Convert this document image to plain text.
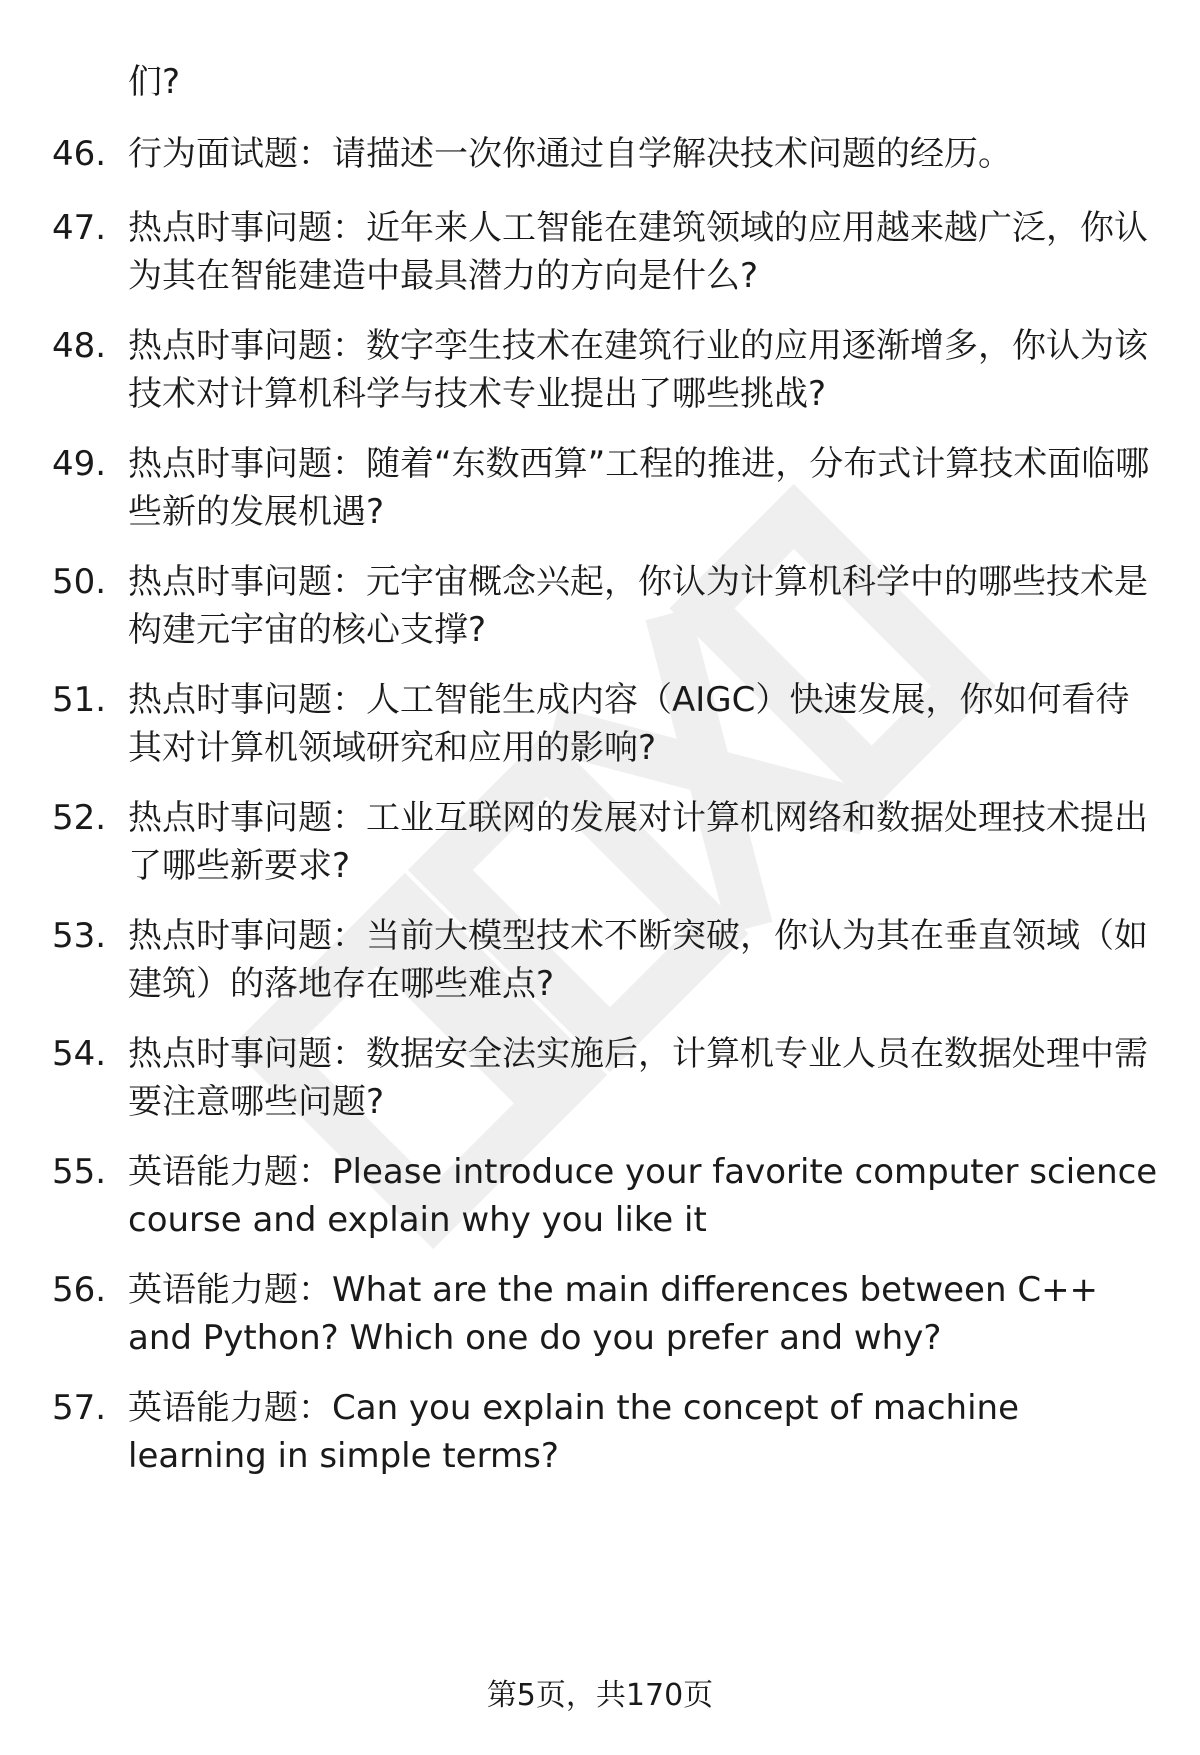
们?
46. 行为面试题：请描述一次你通过自学解决技术问题的经历。
47. 热点时事问题：近年来人工智能在建筑领域的应用越来越广泛，你认为其在智能建造中最具潜力的方向是什么?
48. 热点时事问题：数字孪生技术在建筑行业的应用逐渐增多，你认为该技术对计算机科学与技术专业提出了哪些挑战?
49. 热点时事问题：随着“东数西算”工程的推进，分布式计算技术面临哪些新的发展机遇?
50. 热点时事问题：元宇宙概念兴起，你认为计算机科学中的哪些技术是构建元宇宙的核心支撑?
51. 热点时事问题：人工智能生成内容（AIGC）快速发展，你如何看待其对计算机领域研究和应用的影响?
52. 热点时事问题：工业互联网的发展对计算机网络和数据处理技术提出了哪些新要求?
53. 热点时事问题：当前大模型技术不断突破，你认为其在垂直领域（如建筑）的落地存在哪些难点?
54. 热点时事问题：数据安全法实施后，计算机专业人员在数据处理中需要注意哪些问题?
55. 英语能力题：Please introduce your favorite computer science course and explain why you like it
56. 英语能力题：What are the main differences between C++ and Python? Which one do you prefer and why?
57. 英语能力题：Can you explain the concept of machine learning in simple terms?
第5页，共170页
